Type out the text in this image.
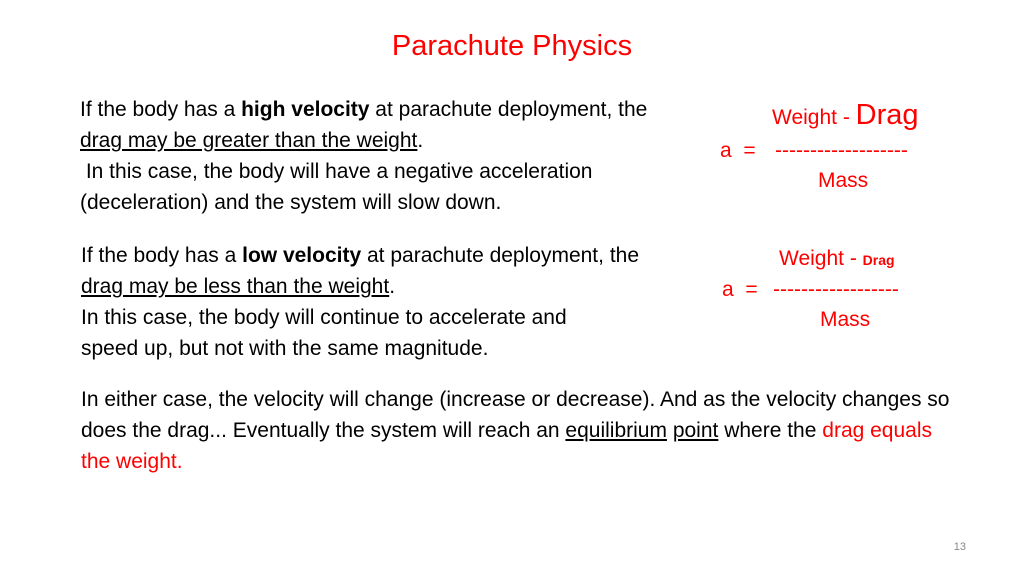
Parachute Physics
If the body has a high velocity at parachute deployment, the drag may be greater than the weight.
In this case, the body will have a negative acceleration
(deceleration) and the system will slow down.
If the body has a low velocity at parachute deployment, the drag may be less than the weight.
In this case, the body will continue to accelerate and
speed up, but not with the same magnitude.
In either case, the velocity will change (increase or decrease). And as the velocity changes so does the drag... Eventually the system will reach an equilibrium point where the drag equals the weight.
Weight - Drag
a  = -------------------
Mass
Weight - Drag
a  = ------------------
Mass
13
